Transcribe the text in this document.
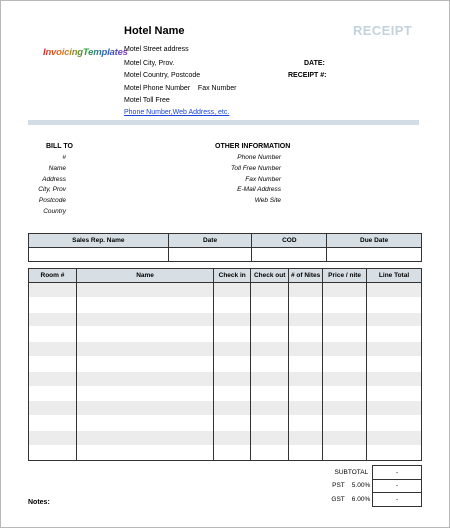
InvoicingTemplates
Hotel Name	RECEIPT
Motel Street address
Motel City, Prov.
Motel Country, Postcode
Motel Phone Number    Fax Number
Motel Toll Free
Phone Number,Web Address, etc.
DATE:
RECEIPT #:
BILL TO
#
Name
Address
City, Prov
Postcode
Country
OTHER INFORMATION
Phone Number
Toll Free Number
Fax Number
E-Mail Address
Web Site
Sales Rep. Name	Date	COD	Due Date

Room #	Name	Check in	Check out	# of Nites	Price / nite	Line Total

SUBTOTAL		-
PST	5.00%	-
GST	6.00%	-
Notes:
